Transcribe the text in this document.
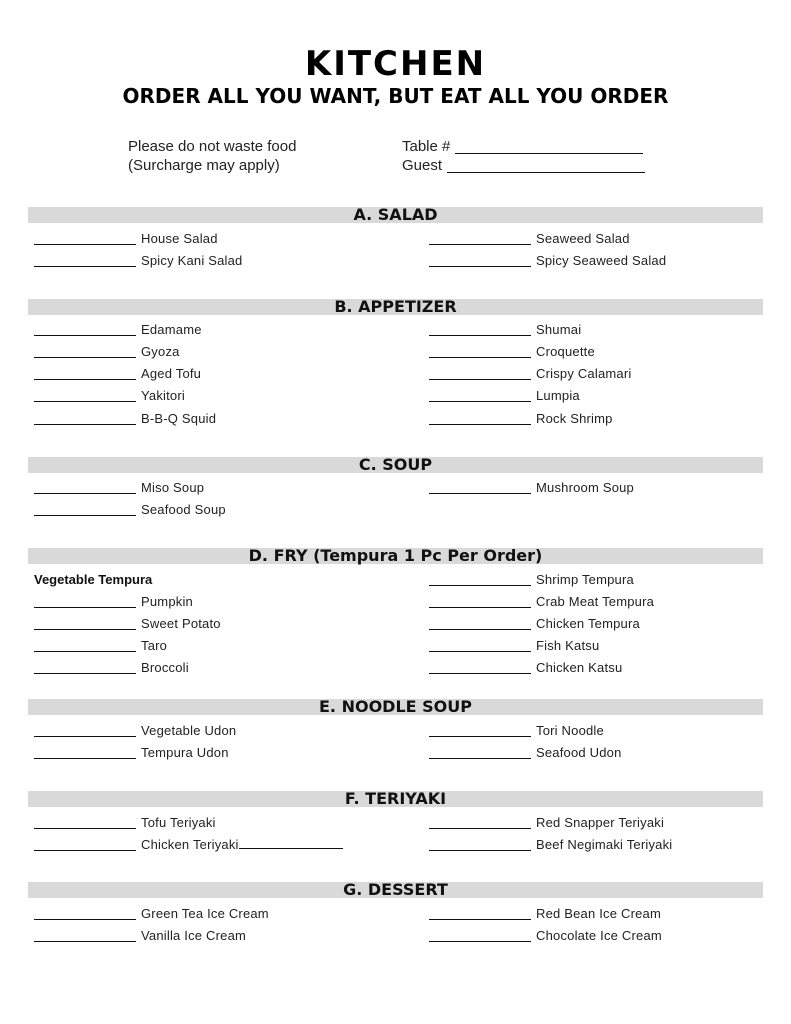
KITCHEN
ORDER ALL YOU WANT, BUT EAT ALL YOU ORDER
Please do not waste food
(Surcharge may apply)
Table #
Guest
A. SALAD
House Salad
Spicy Kani Salad
Seaweed Salad
Spicy Seaweed Salad
B. APPETIZER
Edamame
Gyoza
Aged Tofu
Yakitori
B-B-Q Squid
Shumai
Croquette
Crispy Calamari
Lumpia
Rock Shrimp
C. SOUP
Miso Soup
Seafood Soup
Mushroom Soup
D. FRY (Tempura 1 Pc Per Order)
Vegetable Tempura
Pumpkin
Sweet Potato
Taro
Broccoli
Shrimp Tempura
Crab Meat Tempura
Chicken Tempura
Fish Katsu
Chicken Katsu
E. NOODLE SOUP
Vegetable Udon
Tempura Udon
Tori Noodle
Seafood Udon
F. TERIYAKI
Tofu Teriyaki
Chicken Teriyaki
Red Snapper Teriyaki
Beef Negimaki Teriyaki
G. DESSERT
Green Tea Ice Cream
Vanilla Ice Cream
Red Bean Ice Cream
Chocolate Ice Cream
